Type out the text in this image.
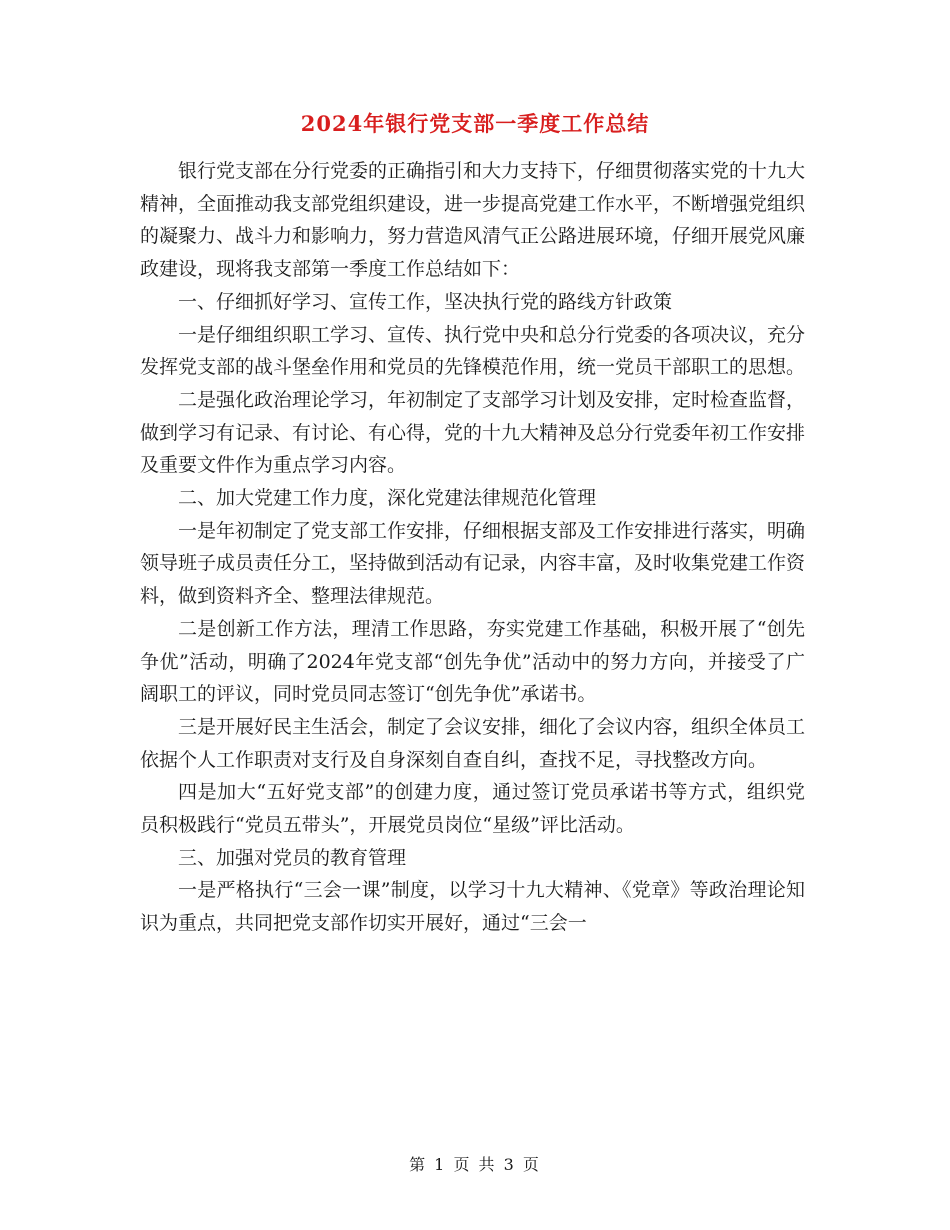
2024年银行党支部一季度工作总结

银行党支部在分行党委的正确指引和大力支持下，仔细贯彻落实党的十九大精神，全面推动我支部党组织建设，进一步提高党建工作水平，不断增强党组织的凝聚力、战斗力和影响力，努力营造风清气正公路进展环境，仔细开展党风廉政建设，现将我支部第一季度工作总结如下：

一、仔细抓好学习、宣传工作，坚决执行党的路线方针政策

一是仔细组织职工学习、宣传、执行党中央和总分行党委的各项决议，充分发挥党支部的战斗堡垒作用和党员的先锋模范作用，统一党员干部职工的思想。

二是强化政治理论学习，年初制定了支部学习计划及安排，定时检查监督，做到学习有记录、有讨论、有心得，党的十九大精神及总分行党委年初工作安排及重要文件作为重点学习内容。

二、加大党建工作力度，深化党建法律规范化管理

一是年初制定了党支部工作安排，仔细根据支部及工作安排进行落实，明确领导班子成员责任分工，坚持做到活动有记录，内容丰富，及时收集党建工作资料，做到资料齐全、整理法律规范。

二是创新工作方法，理清工作思路，夯实党建工作基础，积极开展了“创先争优”活动，明确了2024年党支部“创先争优”活动中的努力方向，并接受了广阔职工的评议，同时党员同志签订“创先争优”承诺书。

三是开展好民主生活会，制定了会议安排，细化了会议内容，组织全体员工依据个人工作职责对支行及自身深刻自查自纠，查找不足，寻找整改方向。

四是加大“五好党支部”的创建力度，通过签订党员承诺书等方式，组织党员积极践行“党员五带头”，开展党员岗位“星级”评比活动。

三、加强对党员的教育管理

一是严格执行“三会一课”制度，以学习十九大精神、《党章》等政治理论知识为重点，共同把党支部作切实开展好，通过“三会一

第 1 页 共 3 页
